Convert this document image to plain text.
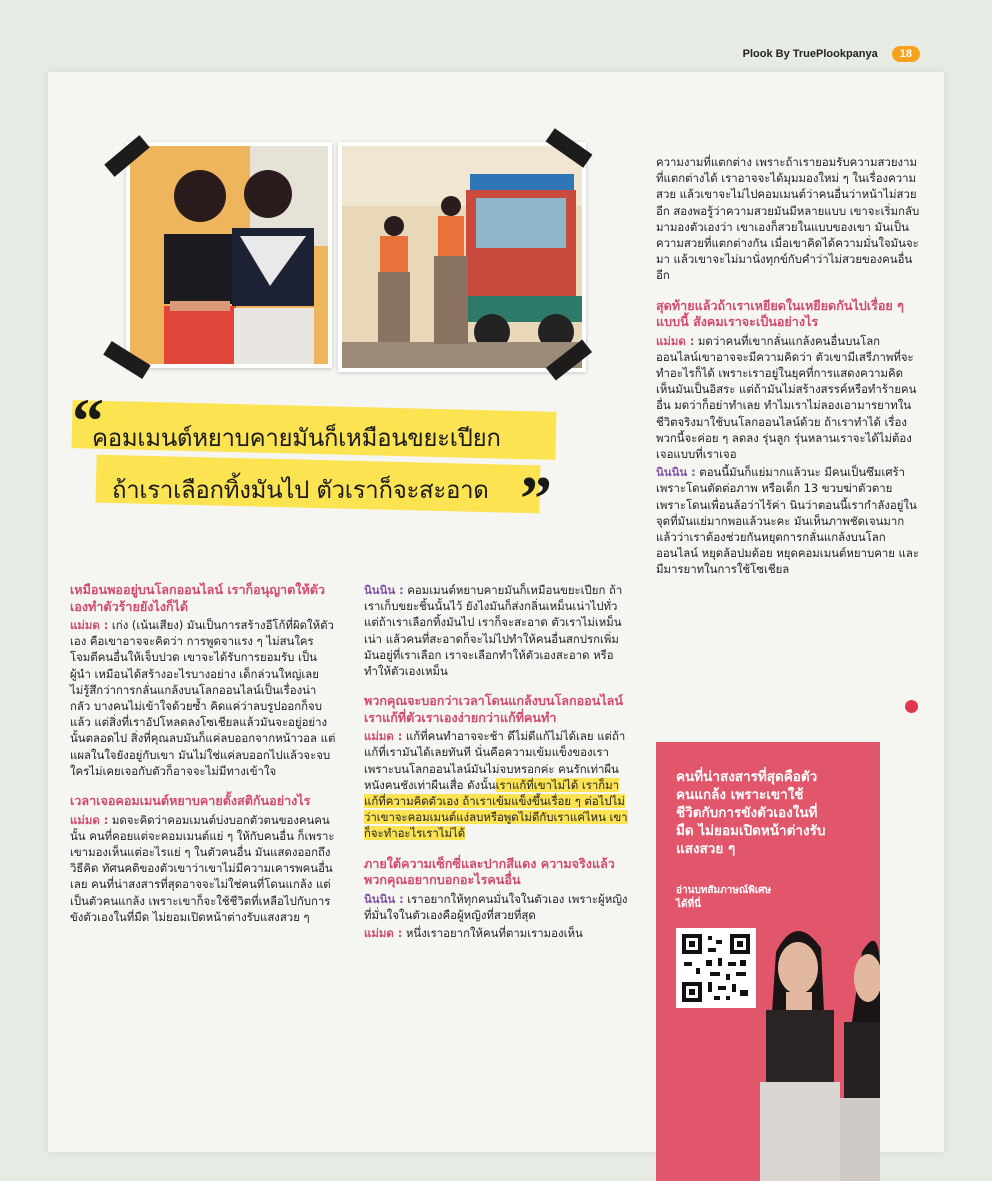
Plook By TruePlookpanya	18
“
คอมเมนต์หยาบคายมันก็เหมือนขยะเปียก
ถ้าเราเลือกทิ้งมันไป ตัวเราก็จะสะอาด ”

เหมือนพออยู่บนโลกออนไลน์ เราก็อนุญาตให้ตัวเองทำตัวร้ายยังไงก็ได้

แม่มด : เก่ง (เน้นเสียง) มันเป็นการสร้างอีโก้ที่ผิดให้ตัวเอง คือเขาอาจจะคิดว่า การพูดจาแรง ๆ ไม่สนใครโจมตีคนอื่นให้เจ็บปวด เขาจะได้รับการยอมรับ เป็นผู้นำ เหมือนได้สร้างอะไรบางอย่าง เด็กล่วนใหญ่เลยไม่รู้สึกว่าการกลั่นแกล้งบนโลกออนไลน์เป็นเรื่องน่ากลัว บางคนไม่เข้าใจด้วยซ้ำ คิดแค่ว่าลบรูปออกก็จบแล้ว แต่สิ่งที่เราอัปโหลดลงโซเชียลแล้วมันจะอยู่อย่างนั้นตลอดไป สิ่งที่คุณลบมันก็แค่ลบออกจากหน้าวอล แต่แผลในใจยังอยู่กับเขา มันไม่ใช่แค่ลบออกไปแล้วจะจบ ใครไม่เคยเจอกับตัวก็อาจจะไม่มีทางเข้าใจ

เวลาเจอคอมเมนต์หยาบคายตั้งสติกันอย่างไร

แม่มด : มดจะคิดว่าคอมเมนต์บ่งบอกตัวตนของคนคนนั้น คนที่คอยแต่จะคอมเมนต์แย่ ๆ ให้กับคนอื่น ก็เพราะเขามองเห็นแต่อะไรแย่ ๆ ในตัวคนอื่น มันแสดงออกถึงวิธีคิด ทัศนคติของตัวเขาว่าเขาไม่มีความเคารพคนอื่นเลย คนที่น่าสงสารที่สุดอาจจะไม่ใช่คนที่โดนแกล้ง แต่เป็นตัวคนแกล้ง เพราะเขาก็จะใช้ชีวิตที่เหลือไปกับการขังตัวเองในที่มืด ไม่ยอมเปิดหน้าต่างรับแสงสวย ๆ

นินนิน : คอมเมนต์หยาบคายมันก็เหมือนขยะเปียก ถ้าเราเก็บขยะชิ้นนั้นไว้ ยังไงมันก็ส่งกลิ่นเหม็นเน่าไปทั่ว แต่ถ้าเราเลือกทิ้งมันไป เราก็จะสะอาด ตัวเราไม่เหม็นเน่า แล้วคนที่สะอาดก็จะไม่ไปทำให้คนอื่นสกปรกเพิ่ม มันอยู่ที่เราเลือก เราจะเลือกทำให้ตัวเองสะอาด หรือทำให้ตัวเองเหม็น

พวกคุณจะบอกว่าเวลาโดนแกล้งบนโลกออนไลน์ เราแก้ที่ตัวเราเองง่ายกว่าแก้ที่คนทำ

แม่มด : แก้ที่คนทำอาจจะช้า ดีไม่ดีแก้ไม่ได้เลย แต่ถ้าแก้ที่เรามันได้เลยทันที นั่นคือความเข้มแข็งของเรา เพราะบนโลกออนไลน์มันไม่จบหรอกค่ะ คนรักเท่าผืนหนังคนชังเท่าผืนเสื่อ ดังนั้นเราแก้ที่เขาไม่ได้ เราก็มาแก้ที่ความคิดตัวเอง ถ้าเราเข้มแข็งขึ้นเรื่อย ๆ ต่อไปไม่ว่าเขาจะคอมเมนต์แง่ลบหรือพูดไม่ดีกับเราแค่ไหน เขาก็จะทำอะไรเราไม่ได้

ภายใต้ความเซ็กซี่และปากสีแดง ความจริงแล้วพวกคุณอยากบอกอะไรคนอื่น

นินนิน : เราอยากให้ทุกคนมั่นใจในตัวเอง เพราะผู้หญิงที่มั่นใจในตัวเองคือผู้หญิงที่สวยที่สุด

แม่มด : หนึ่งเราอยากให้คนที่ตามเรามองเห็น

ความงามที่แตกต่าง เพราะถ้าเรายอมรับความสวยงามที่แตกต่างได้ เราอาจจะได้มุมมองใหม่ ๆ ในเรื่องความสวย แล้วเขาจะไม่ไปคอมเมนต์ว่าคนอื่นว่าหน้าไม่สวยอีก สองพอรู้ว่าความสวยมันมีหลายแบบ เขาจะเริ่มกลับมามองตัวเองว่า เขาเองก็สวยในแบบของเขา มันเป็นความสวยที่แตกต่างกัน เมื่อเขาคิดได้ความมั่นใจมันจะมา แล้วเขาจะไม่มานั่งทุกข์กับคำว่าไม่สวยของคนอื่นอีก

สุดท้ายแล้วถ้าเราเหยียดในเหยียดกันไปเรื่อย ๆ แบบนี้ สังคมเราจะเป็นอย่างไร

แม่มด : มดว่าคนที่เขากลั่นแกล้งคนอื่นบนโลกออนไลน์เขาอาจจะมีความคิดว่า ตัวเขามีเสรีภาพที่จะทำอะไรก็ได้ เพราะเราอยู่ในยุคที่การแสดงความคิดเห็นมันเป็นอิสระ แต่ถ้ามันไม่สร้างสรรค์หรือทำร้ายคนอื่น มดว่าก็อย่าทำเลย ทำไมเราไม่ลองเอามารยาทในชีวิตจริงมาใช้บนโลกออนไลน์ด้วย ถ้าเราทำได้ เรื่องพวกนี้จะค่อย ๆ ลดลง รุ่นลูก รุ่นหลานเราจะได้ไม่ต้องเจอแบบที่เราเจอ

นินนิน : ตอนนี้มันก็แย่มากแล้วนะ มีคนเป็นซึมเศร้าเพราะโดนตัดต่อภาพ หรือเด็ก 13 ขวบฆ่าตัวตายเพราะโดนเพื่อนล้อว่าไร้ค่า นินว่าตอนนี้เรากำลังอยู่ในจุดที่มันแย่มากพอแล้วนะคะ มันเห็นภาพชัดเจนมากแล้วว่าเราต้องช่วยกันหยุดการกลั่นแกล้งบนโลกออนไลน์ หยุดล้อปมด้อย หยุดคอมเมนต์หยาบคาย และมีมารยาทในการใช้โซเชียล

คนที่น่าสงสารที่สุดคือตัวคนแกล้ง เพราะเขาใช้ชีวิตกับการขังตัวเองในที่มืด ไม่ยอมเปิดหน้าต่างรับแสงสวย ๆ
อ่านบทสัมภาษณ์พิเศษได้ที่นี่
